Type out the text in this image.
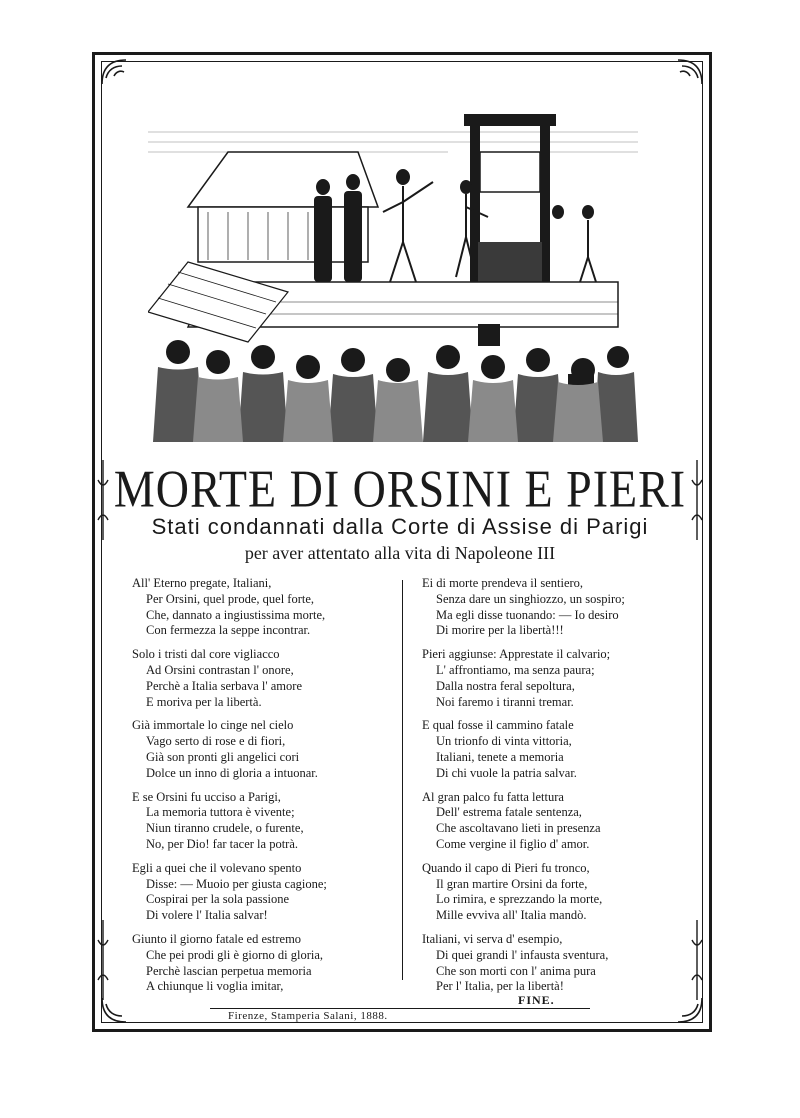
MORTE DI ORSINI E PIERI
Stati condannati dalla Corte di Assise di Parigi
per aver attentato alla vita di Napoleone III
All' Eterno pregate, Italiani,
Per Orsini, quel prode, quel forte,
Che, dannato a ingiustissima morte,
Con fermezza la seppe incontrar.
Solo i tristi dal core vigliacco
Ad Orsini contrastan l' onore,
Perchè a Italia serbava l' amore
E moriva per la libertà.
Già immortale lo cinge nel cielo
Vago serto di rose e di fiori,
Già son pronti gli angelici cori
Dolce un inno di gloria a intuonar.
E se Orsini fu ucciso a Parigi,
La memoria tuttora è vivente;
Niun tiranno crudele, o furente,
No, per Dio! far tacer la potrà.
Egli a quei che il volevano spento
Disse: — Muoio per giusta cagione;
Cospirai per la sola passione
Di volere l' Italia salvar!
Giunto il giorno fatale ed estremo
Che pei prodi gli è giorno di gloria,
Perchè lascian perpetua memoria
A chiunque li voglia imitar,
Ei di morte prendeva il sentiero,
Senza dare un singhiozzo, un sospiro;
Ma egli disse tuonando: — Io desiro
Di morire per la libertà!!!
Pieri aggiunse: Apprestate il calvario;
L' affrontiamo, ma senza paura;
Dalla nostra feral sepoltura,
Noi faremo i tiranni tremar.
E qual fosse il cammino fatale
Un trionfo di vinta vittoria,
Italiani, tenete a memoria
Di chi vuole la patria salvar.
Al gran palco fu fatta lettura
Dell' estrema fatale sentenza,
Che ascoltavano lieti in presenza
Come vergine il figlio d' amor.
Quando il capo di Pieri fu tronco,
Il gran martire Orsini da forte,
Lo rimira, e sprezzando la morte,
Mille evviva all' Italia mandò.
Italiani, vi serva d' esempio,
Di quei grandi l' infausta sventura,
Che son morti con l' anima pura
Per l' Italia, per la libertà!
FINE.
Firenze, Stamperia Salani, 1888.
